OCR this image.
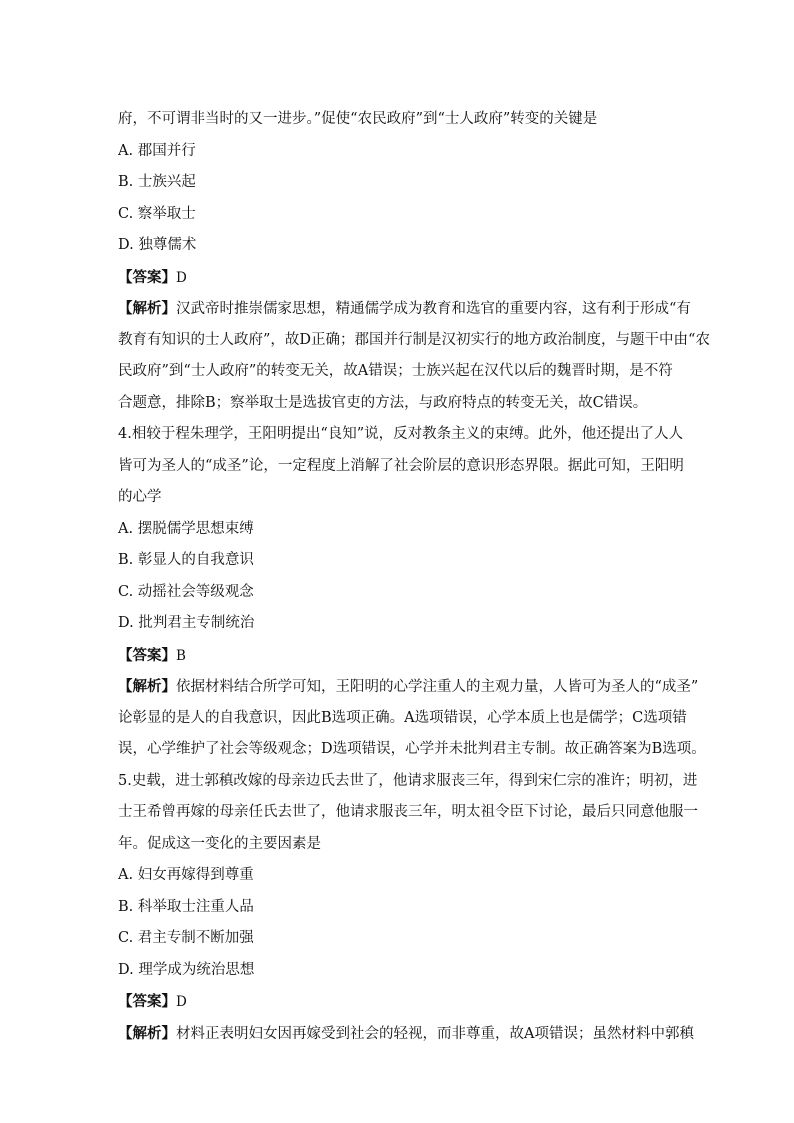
府，不可谓非当时的又一进步。”促使“农民政府”到“士人政府”转变的关键是
A. 郡国并行
B. 士族兴起
C. 察举取士
D. 独尊儒术
【答案】D
【解析】汉武帝时推崇儒家思想，精通儒学成为教育和选官的重要内容，这有利于形成“有
教育有知识的士人政府”，故D正确；郡国并行制是汉初实行的地方政治制度，与题干中由“农
民政府”到“士人政府”的转变无关，故A错误；士族兴起在汉代以后的魏晋时期，是不符
合题意，排除B；察举取士是选拔官吏的方法，与政府特点的转变无关，故C错误。
4.相较于程朱理学，王阳明提出“良知”说，反对教条主义的束缚。此外，他还提出了人人
皆可为圣人的“成圣”论，一定程度上消解了社会阶层的意识形态界限。据此可知，王阳明
的心学
A. 摆脱儒学思想束缚
B. 彰显人的自我意识
C. 动摇社会等级观念
D. 批判君主专制统治
【答案】B
【解析】依据材料结合所学可知，王阳明的心学注重人的主观力量，人皆可为圣人的“成圣”
论彰显的是人的自我意识，因此B选项正确。A选项错误，心学本质上也是儒学；C选项错
误，心学维护了社会等级观念；D选项错误，心学并未批判君主专制。故正确答案为B选项。
5.史载，进士郭稹改嫁的母亲边氏去世了，他请求服丧三年，得到宋仁宗的准许；明初，进
士王希曾再嫁的母亲任氏去世了，他请求服丧三年，明太祖令臣下讨论，最后只同意他服一
年。促成这一变化的主要因素是
A. 妇女再嫁得到尊重
B. 科举取士注重人品
C. 君主专制不断加强
D. 理学成为统治思想
【答案】D
【解析】材料正表明妇女因再嫁受到社会的轻视，而非尊重，故A项错误；虽然材料中郭稹
